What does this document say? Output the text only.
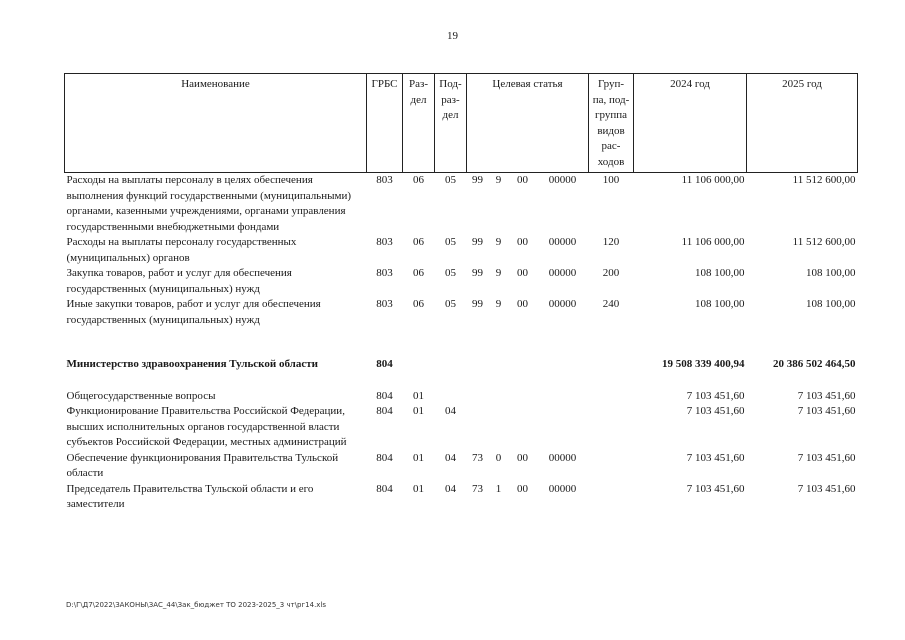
19
Наименование	ГРБС	Раз- дел	Под- раз- дел	Целевая статья				Груп- па, под- группа видов рас- ходов	2024 год	2025 год
Расходы на выплаты персоналу в целях обеспечения выполнения функций государственными (муниципальными) органами, казенными учреждениями, органами управления государственными внебюджетными фондами	803	06	05	99	9	00	00000	100	11 106 000,00	11 512 600,00
Расходы на выплаты персоналу государственных (муниципальных) органов	803	06	05	99	9	00	00000	120	11 106 000,00	11 512 600,00
Закупка товаров, работ и услуг для обеспечения государственных (муниципальных) нужд	803	06	05	99	9	00	00000	200	108 100,00	108 100,00
Иные закупки товаров, работ и услуг для обеспечения государственных (муниципальных) нужд	803	06	05	99	9	00	00000	240	108 100,00	108 100,00

Министерство здравоохранения Тульской области	804								19 508 339 400,94	20 386 502 464,50

Общегосударственные вопросы	804	01							7 103 451,60	7 103 451,60
Функционирование Правительства Российской Федерации, высших исполнительных органов государственной власти субъектов Российской Федерации, местных администраций	804	01	04						7 103 451,60	7 103 451,60
Обеспечение функционирования Правительства Тульской области	804	01	04	73	0	00	00000		7 103 451,60	7 103 451,60
Председатель Правительства Тульской области и его заместители	804	01	04	73	1	00	00000		7 103 451,60	7 103 451,60
D:\Г\Д7\2022\ЗАКОНЫ\ЗАС_44\Зак_бюджет ТО 2023-2025_3 чт\рг14.xls
